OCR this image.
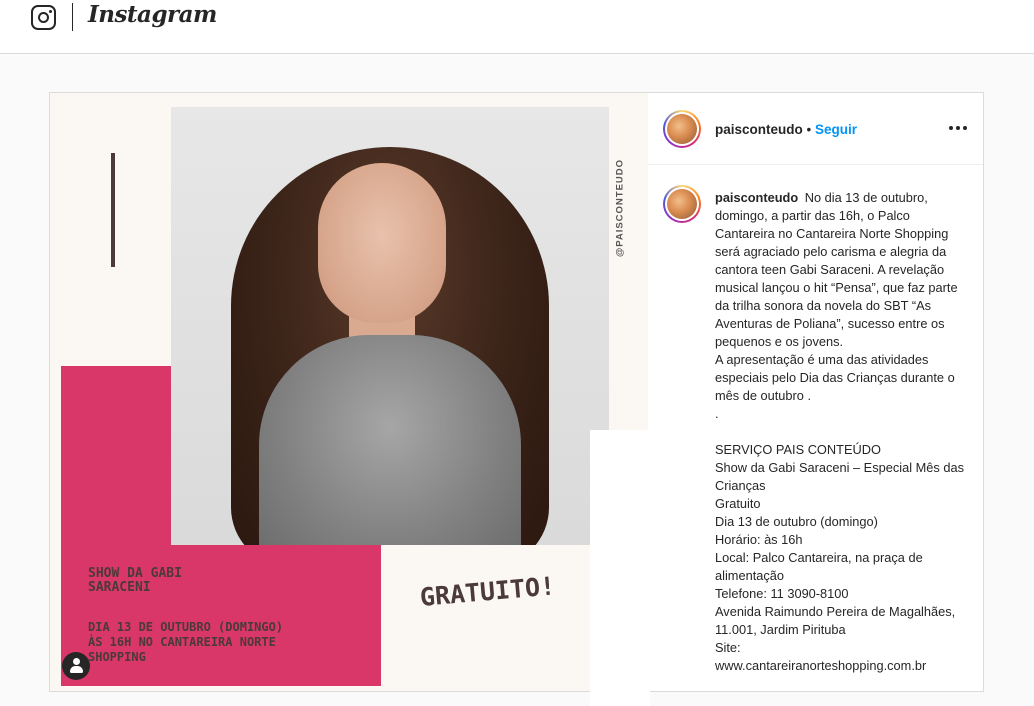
Instagram
@PAISCONTEUDO
SHOW DA GABI
SARACENI
DIA 13 DE OUTUBRO (DOMINGO)
ÀS 16H NO CANTAREIRA NORTE
SHOPPING
GRATUITO!
paisconteudo • Seguir

paisconteudo No dia 13 de outubro, domingo, a partir das 16h, o Palco Cantareira no Cantareira Norte Shopping será agraciado pelo carisma e alegria da cantora teen Gabi Saraceni. A revelação musical lançou o hit “Pensa”, que faz parte da trilha sonora da novela do SBT “As Aventuras de Poliana”, sucesso entre os pequenos e os jovens.

A apresentação é uma das atividades especiais pelo Dia das Crianças durante o mês de outubro .

.

SERVIÇO PAIS CONTEÚDO

Show da Gabi Saraceni – Especial Mês das Crianças

Gratuito

Dia 13 de outubro (domingo)

Horário: às 16h

Local: Palco Cantareira, na praça de alimentação

Telefone: 11 3090-8100

Avenida Raimundo Pereira de Magalhães, 11.001, Jardim Pirituba

Site:

www.cantareiranorteshopping.com.br
